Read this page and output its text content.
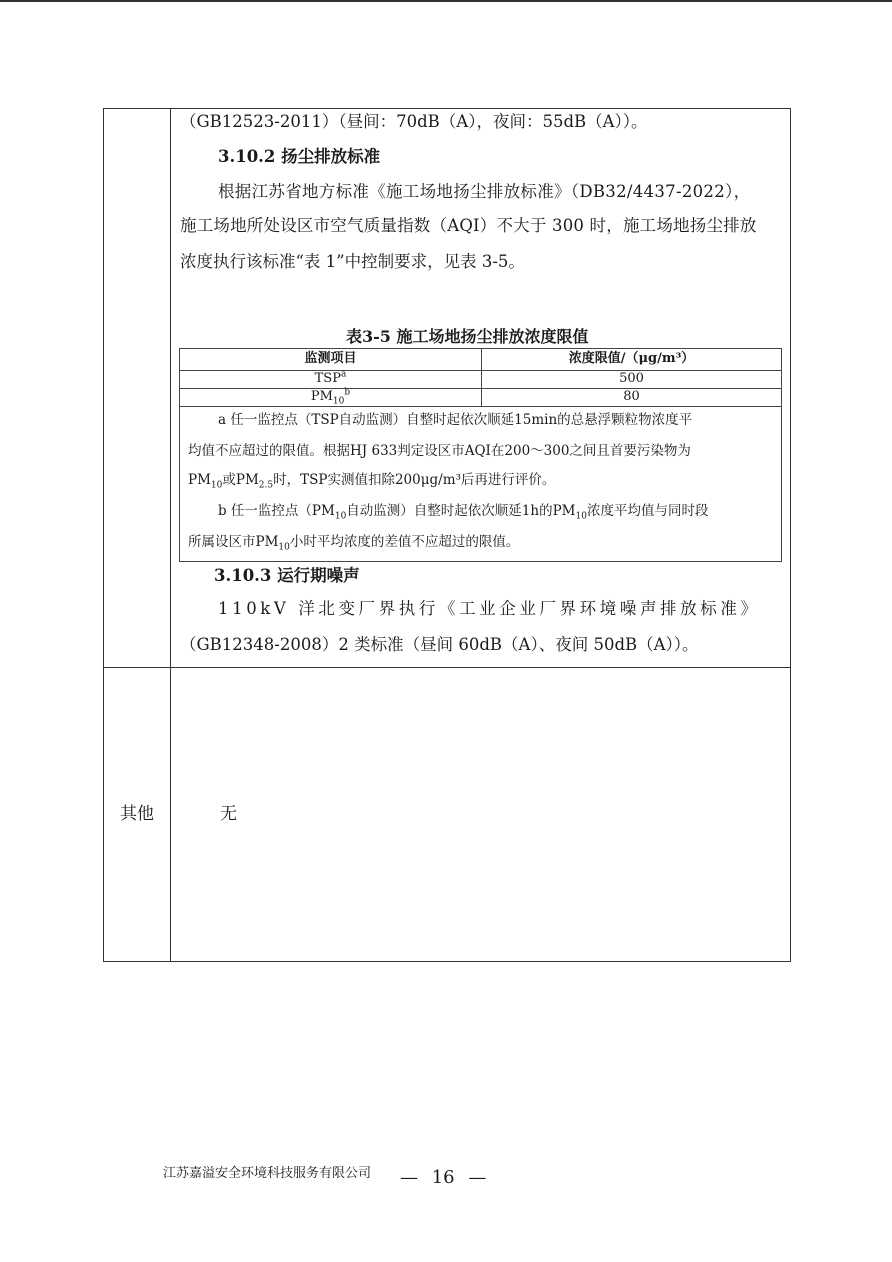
（GB12523-2011）（昼间：70dB（A），夜间：55dB（A））。
3.10.2 扬尘排放标准
根据江苏省地方标准《施工场地扬尘排放标准》（DB32/4437-2022），
施工场地所处设区市空气质量指数（AQI）不大于 300 时，施工场地扬尘排放
浓度执行该标准“表 1”中控制要求，见表 3-5。
表3-5 施工场地扬尘排放浓度限值
监测项目	浓度限值/（μg/m³）
TSP$^a$	500
$PM_{10}^b$	80
a 任一监控点（TSP自动监测）自整时起依次顺延15min的总悬浮颗粒物浓度平
均值不应超过的限值。根据HJ 633判定设区市AQI在200～300之间且首要污染物为
$PM_{10}$或$PM_{2.5}$时，TSP实测值扣除200μg/m³后再进行评价。
b 任一监控点（$PM_{10}$自动监测）自整时起依次顺延1h的$PM_{10}$浓度平均值与同时段
所属设区市$PM_{10}$小时平均浓度的差值不应超过的限值。
3.10.3 运行期噪声
110kV 洋北变厂界执行《工业企业厂界环境噪声排放标准》
（GB12348-2008）2 类标准（昼间 60dB（A）、夜间 50dB（A））。
其他	无
江苏嘉溢安全环境科技服务有限公司 — 16 —
